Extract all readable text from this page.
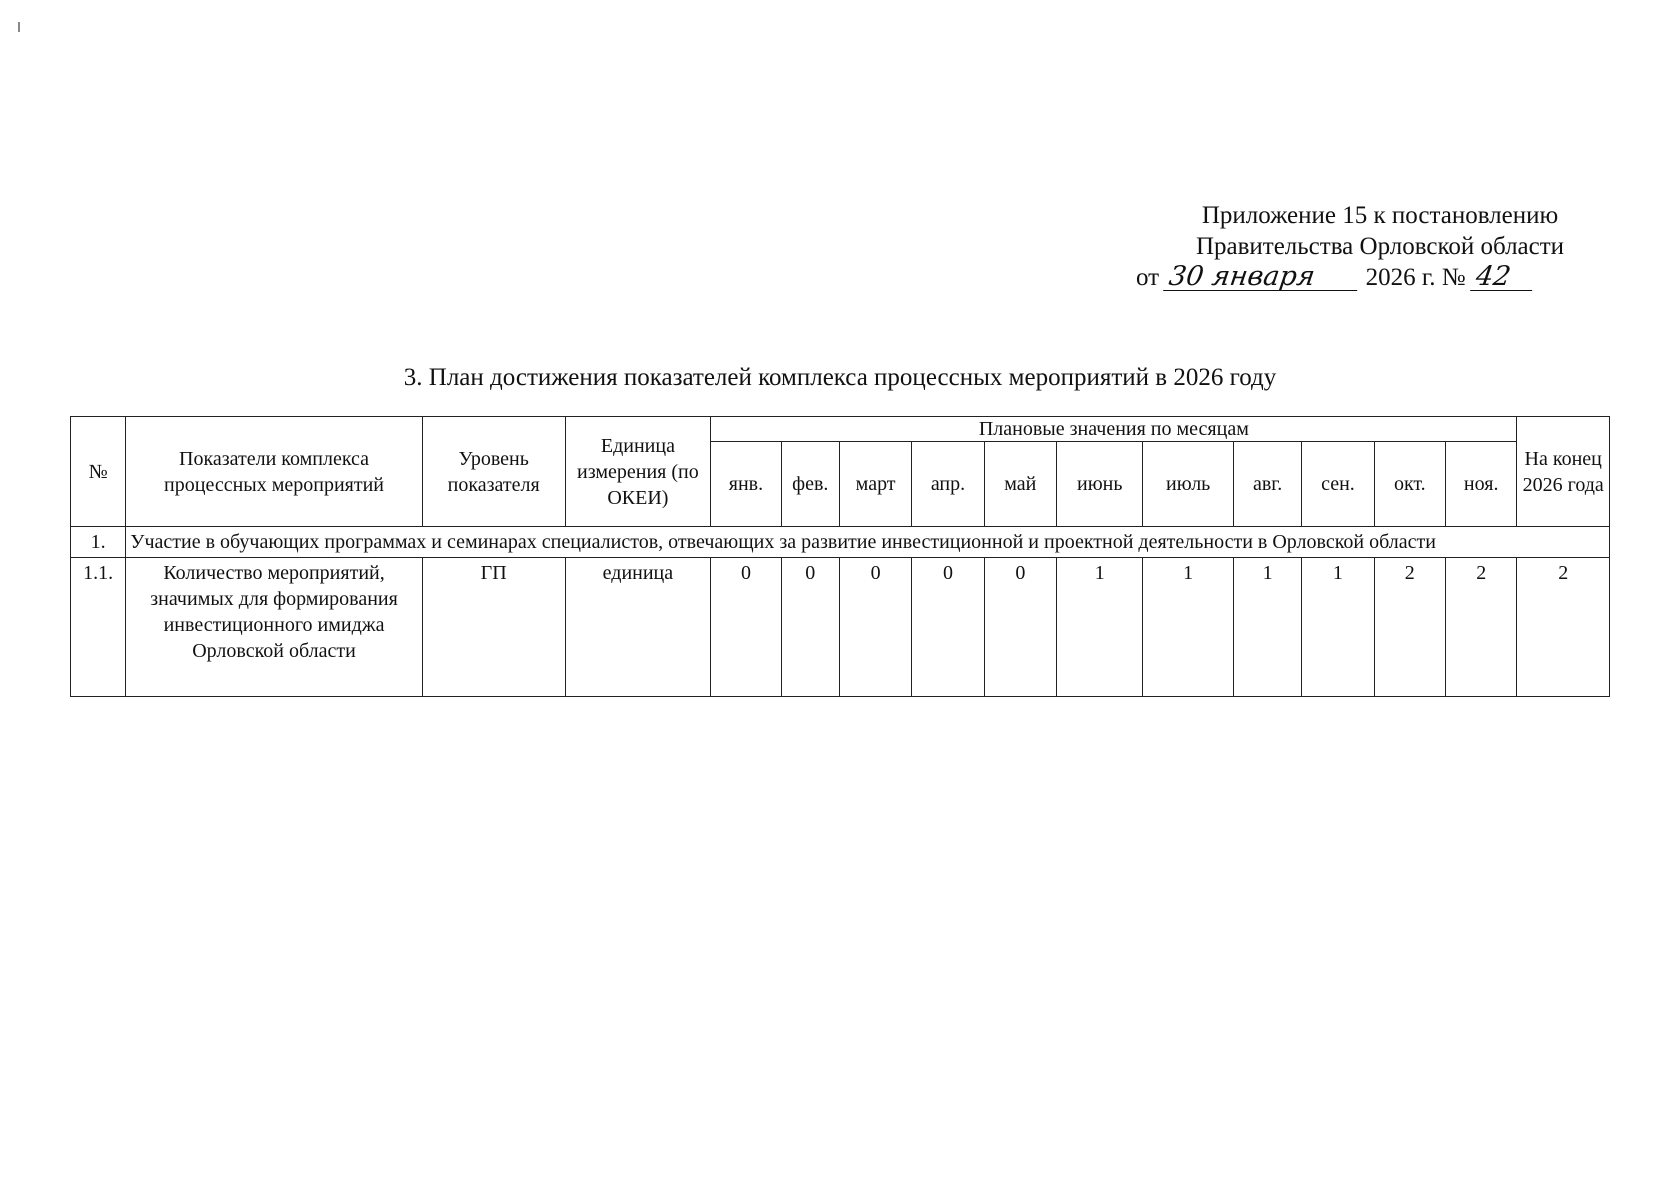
Приложение 15 к постановлению
Правительства Орловской области
от 30 января 2026 г. № 42
3. План достижения показателей комплекса процессных мероприятий в 2026 году
№	Показатели комплекса процессных мероприятий	Уровень показателя	Единица измерения (по ОКЕИ)	Плановые значения по месяцам											На конец 2026 года
				янв.	фев.	март	апр.	май	июнь	июль	авг.	сен.	окт.	ноя.	
1.	Участие в обучающих программах и семинарах специалистов, отвечающих за развитие инвестиционной и проектной деятельности в Орловской области														
1.1.	Количество мероприятий, значимых для формирования инвестиционного имиджа Орловской области	ГП	единица	0	0	0	0	0	1	1	1	1	2	2	2
